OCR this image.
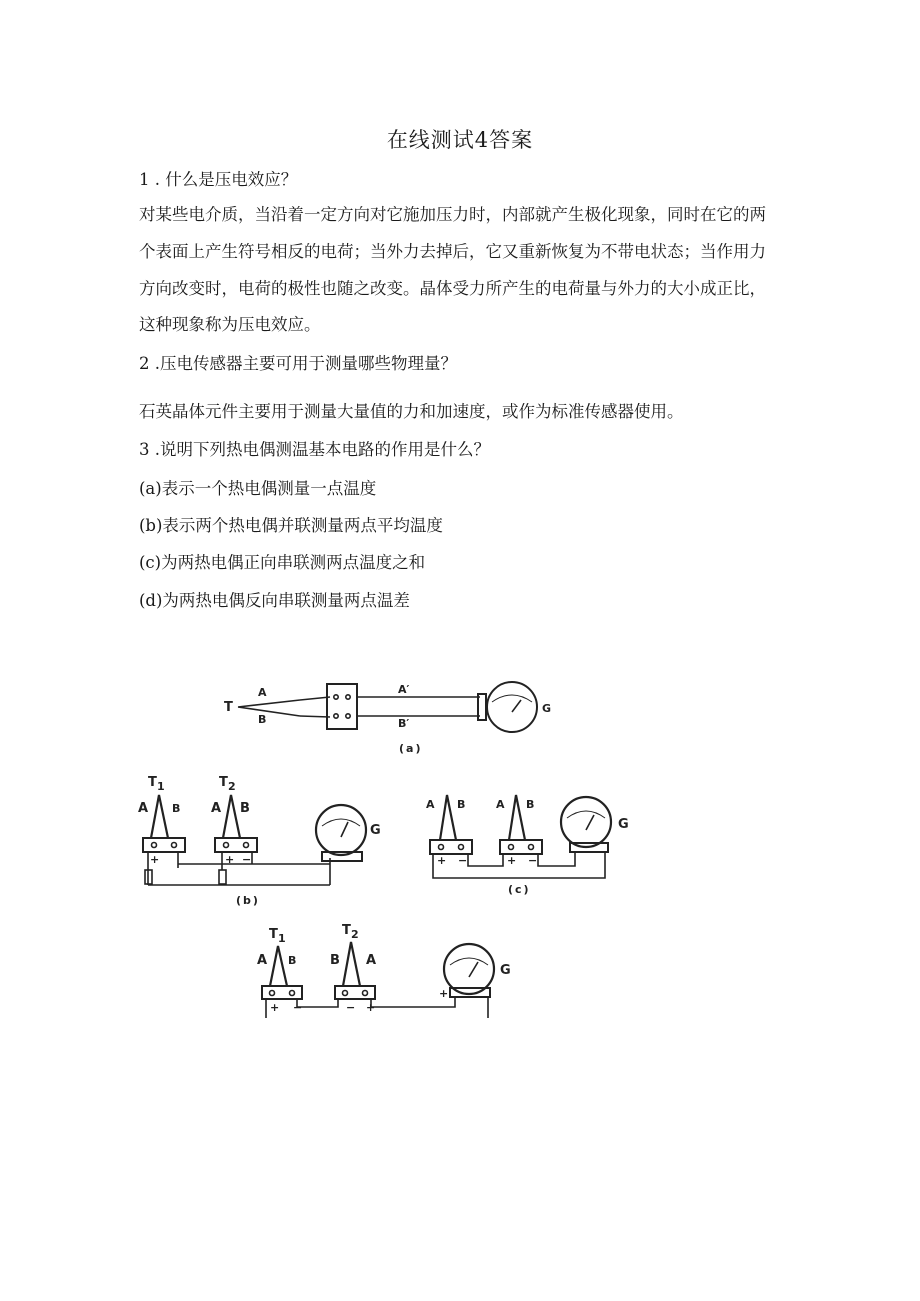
在线测试4答案
1 . 什么是压电效应？
对某些电介质，当沿着一定方向对它施加压力时，内部就产生极化现象，同时在它的两
个表面上产生符号相反的电荷；当外力去掉后，它又重新恢复为不带电状态；当作用力
方向改变时，电荷的极性也随之改变。晶体受力所产生的电荷量与外力的大小成正比，
这种现象称为压电效应。
2 .压电传感器主要可用于测量哪些物理量？
石英晶体元件主要用于测量大量值的力和加速度，或作为标准传感器使用。
3 .说明下列热电偶测温基本电路的作用是什么？
(a)表示一个热电偶测量一点温度
(b)表示两个热电偶并联测量两点平均温度
(c)为两热电偶正向串联测两点温度之和
(d)为两热电偶反向串联测量两点温差
T
A
B
A′
B′
G
(a)
T 1
A B
+
T 2
A B
+ −
G
(b)
A B
+ −
A B
+ −
G
(c)
T 1
A B
+ −
T 2
B A
− +
+
G
